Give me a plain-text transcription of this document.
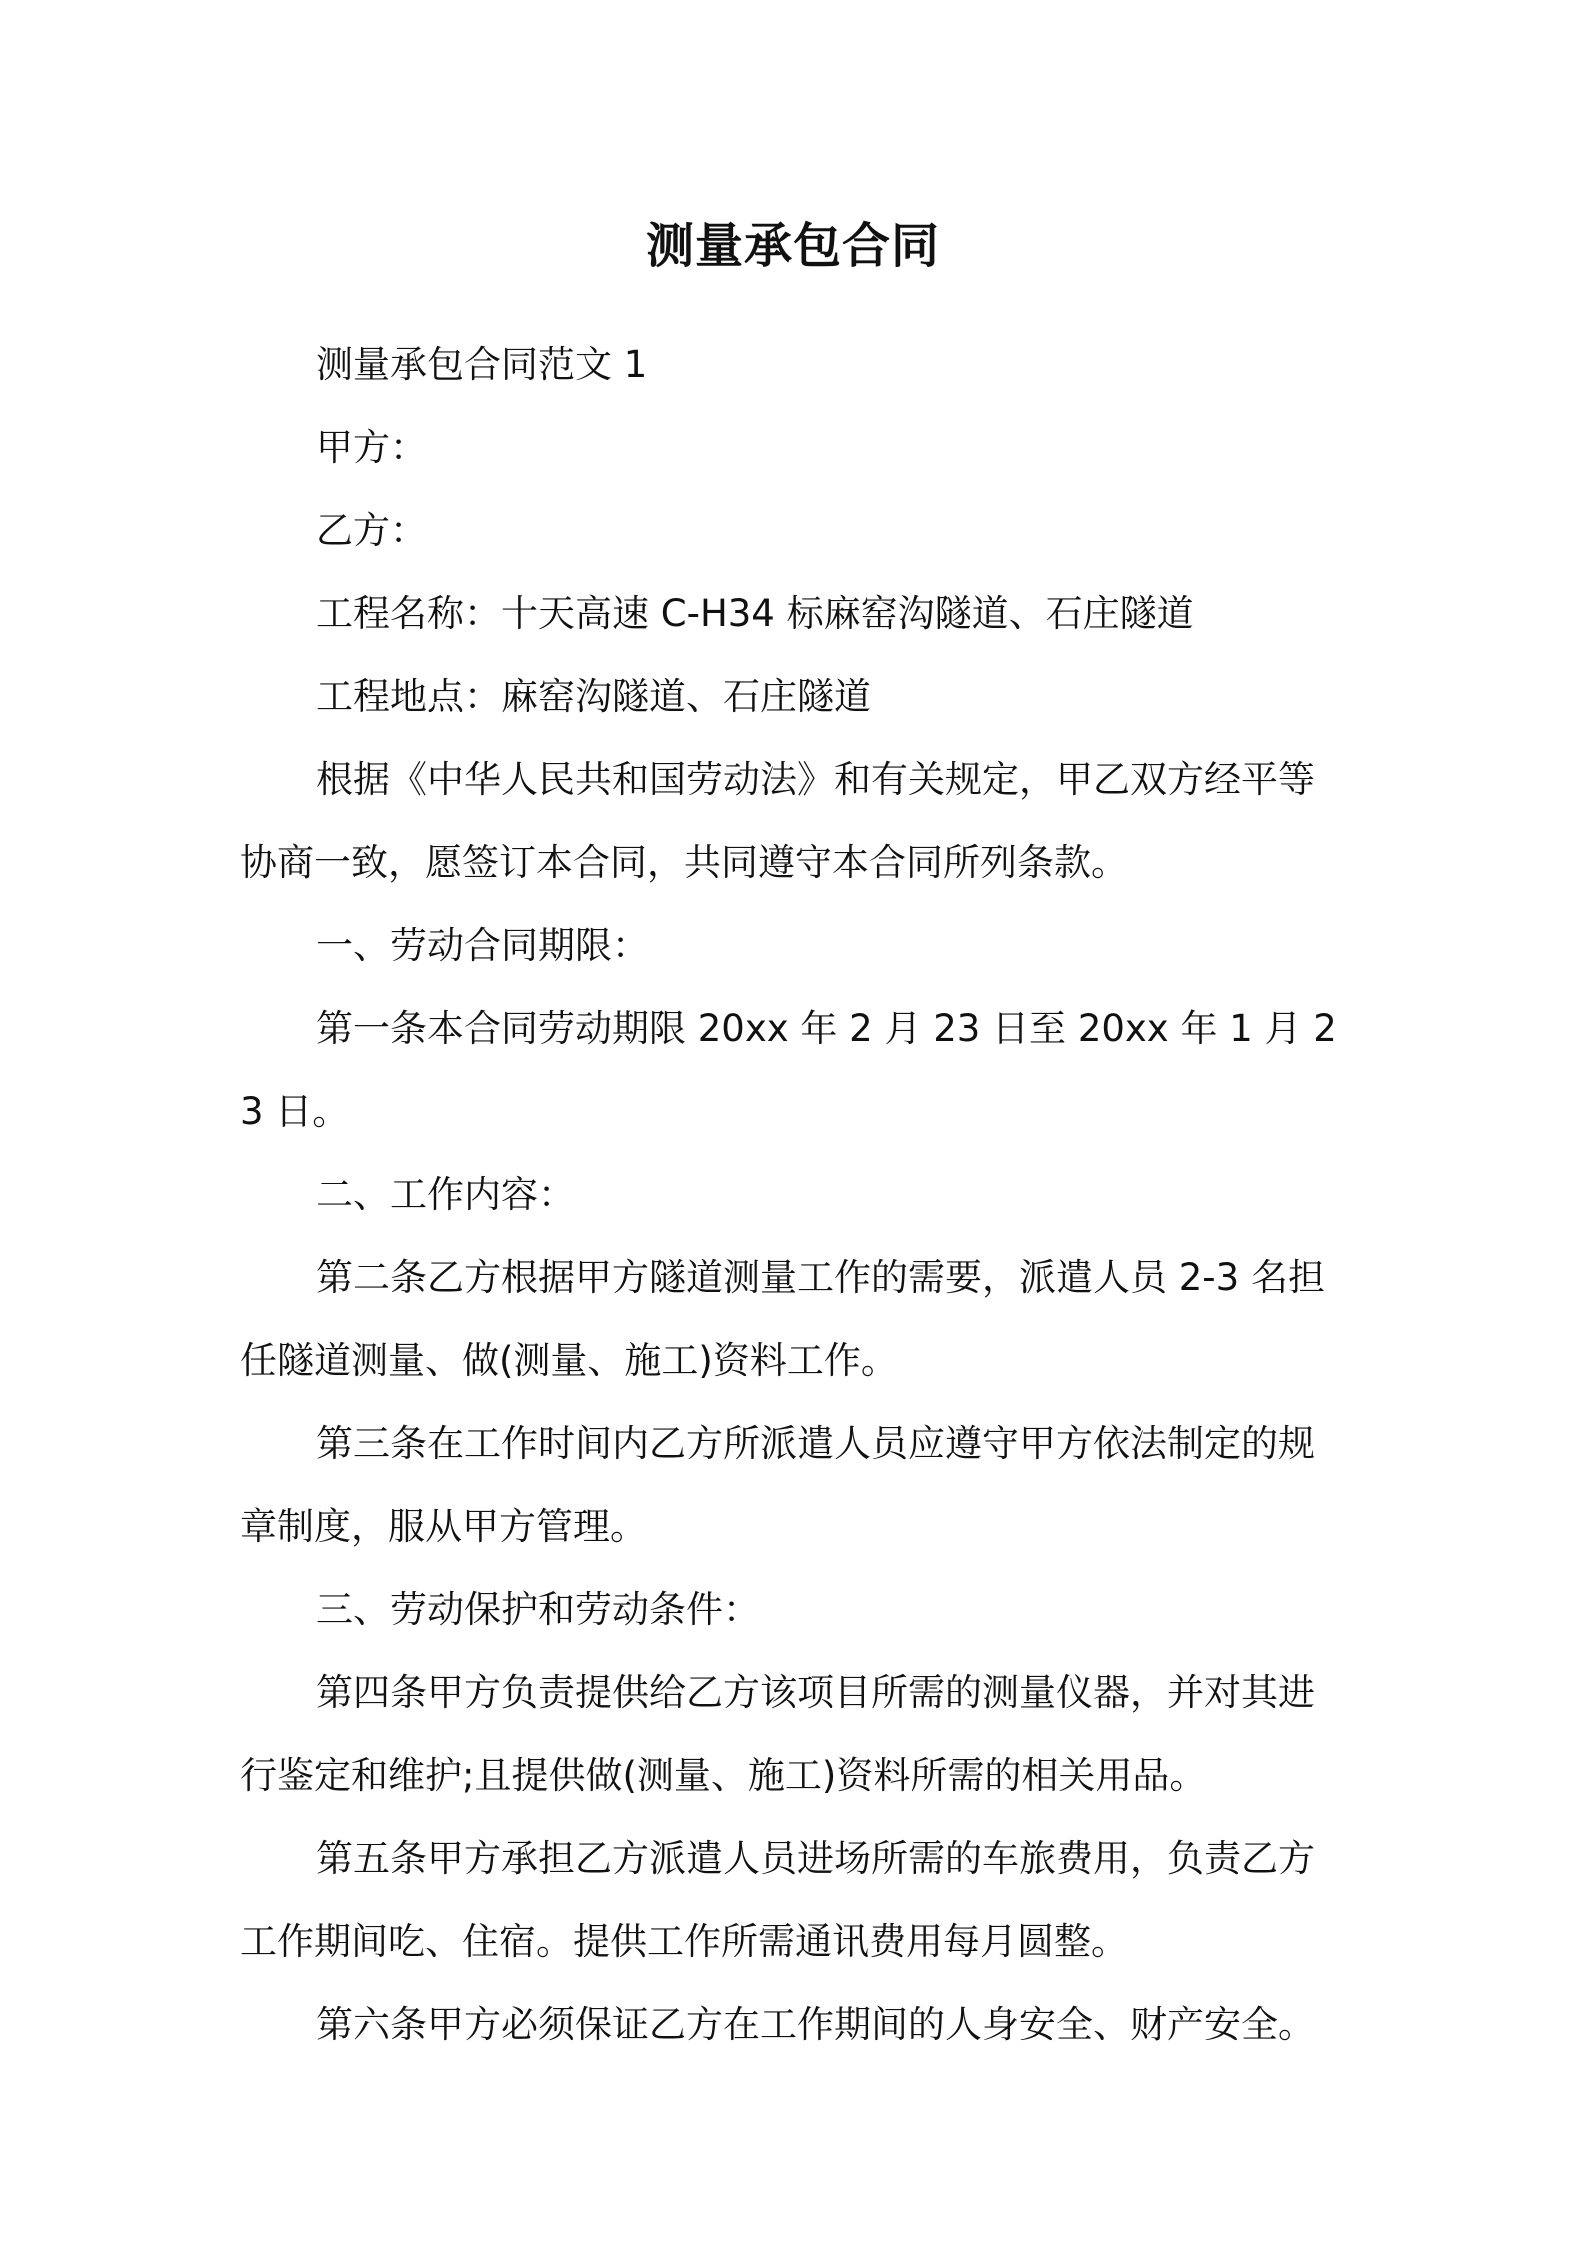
测量承包合同

测量承包合同范文 1

甲方：

乙方：

工程名称：十天高速 C-H34 标麻窑沟隧道、石庄隧道

工程地点：麻窑沟隧道、石庄隧道

根据《中华人民共和国劳动法》和有关规定，甲乙双方经平等协商一致，愿签订本合同，共同遵守本合同所列条款。

一、劳动合同期限：

第一条本合同劳动期限 20xx 年 2 月 23 日至 20xx 年 1 月 23 日。

二、工作内容：

第二条乙方根据甲方隧道测量工作的需要，派遣人员 2-3 名担任隧道测量、做(测量、施工)资料工作。

第三条在工作时间内乙方所派遣人员应遵守甲方依法制定的规章制度，服从甲方管理。

三、劳动保护和劳动条件：

第四条甲方负责提供给乙方该项目所需的测量仪器，并对其进行鉴定和维护;且提供做(测量、施工)资料所需的相关用品。

第五条甲方承担乙方派遣人员进场所需的车旅费用，负责乙方工作期间吃、住宿。提供工作所需通讯费用每月圆整。

第六条甲方必须保证乙方在工作期间的人身安全、财产安全。
